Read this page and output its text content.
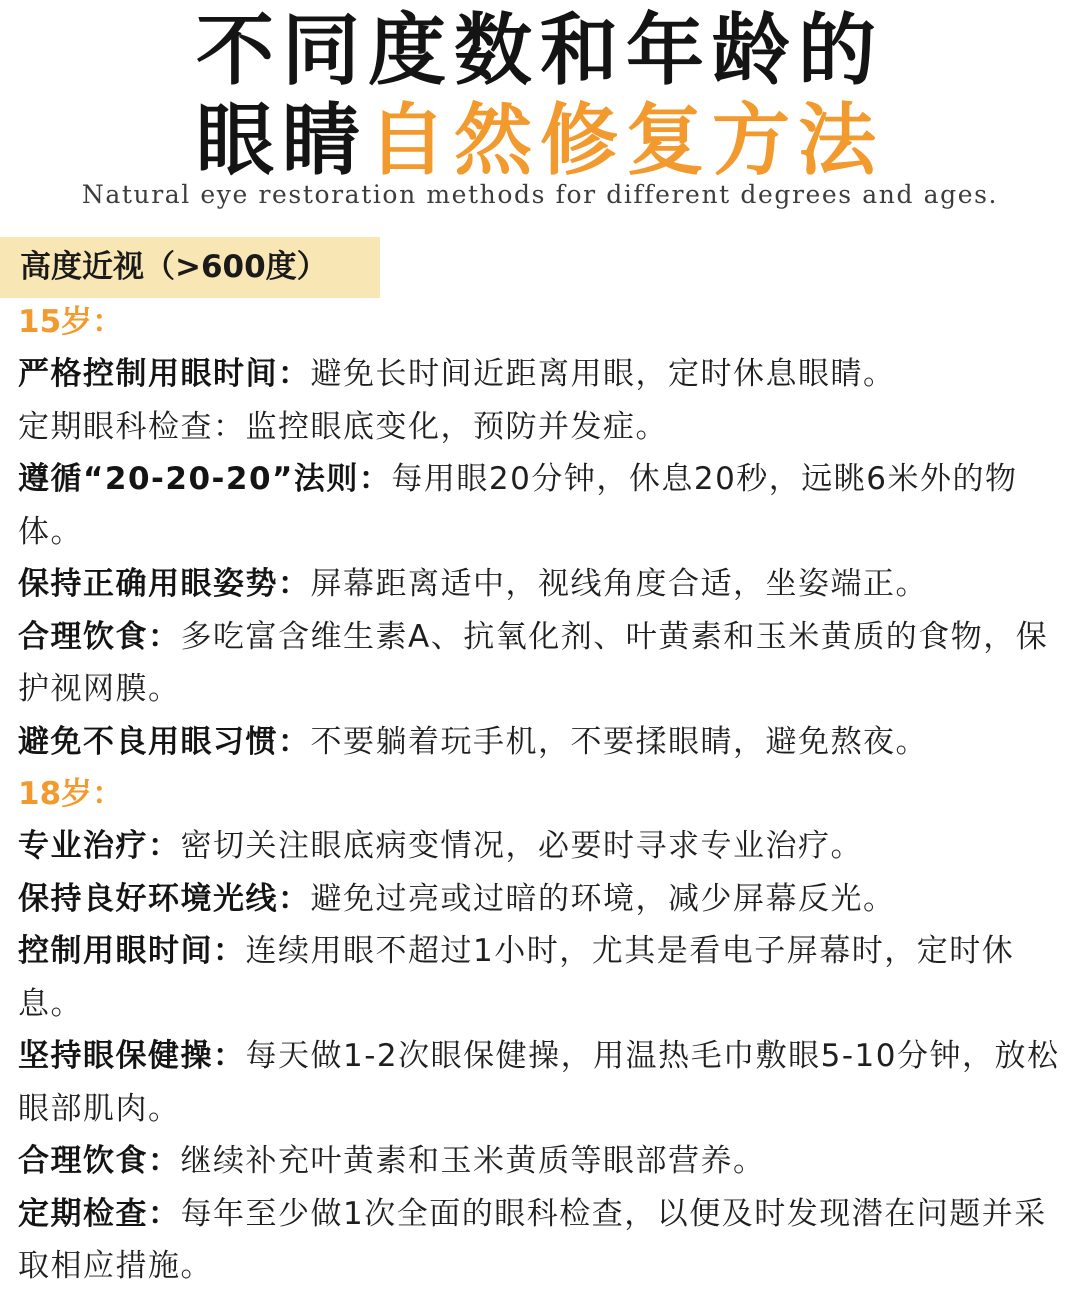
不同度数和年龄的
眼睛自然修复方法
Natural eye restoration methods for different degrees and ages.
高度近视（>600度）
15岁：
严格控制用眼时间：避免长时间近距离用眼，定时休息眼睛。
定期眼科检查：监控眼底变化，预防并发症。
遵循“20-20-20”法则：每用眼20分钟，休息20秒，远眺6米外的物体。
保持正确用眼姿势：屏幕距离适中，视线角度合适，坐姿端正。
合理饮食：多吃富含维生素A、抗氧化剂、叶黄素和玉米黄质的食物，保护视网膜。
避免不良用眼习惯：不要躺着玩手机，不要揉眼睛，避免熬夜。
18岁：
专业治疗：密切关注眼底病变情况，必要时寻求专业治疗。
保持良好环境光线：避免过亮或过暗的环境，减少屏幕反光。
控制用眼时间：连续用眼不超过1小时，尤其是看电子屏幕时，定时休息。
坚持眼保健操：每天做1-2次眼保健操，用温热毛巾敷眼5-10分钟，放松眼部肌肉。
合理饮食：继续补充叶黄素和玉米黄质等眼部营养。
定期检查：每年至少做1次全面的眼科检查，以便及时发现潜在问题并采取相应措施。
